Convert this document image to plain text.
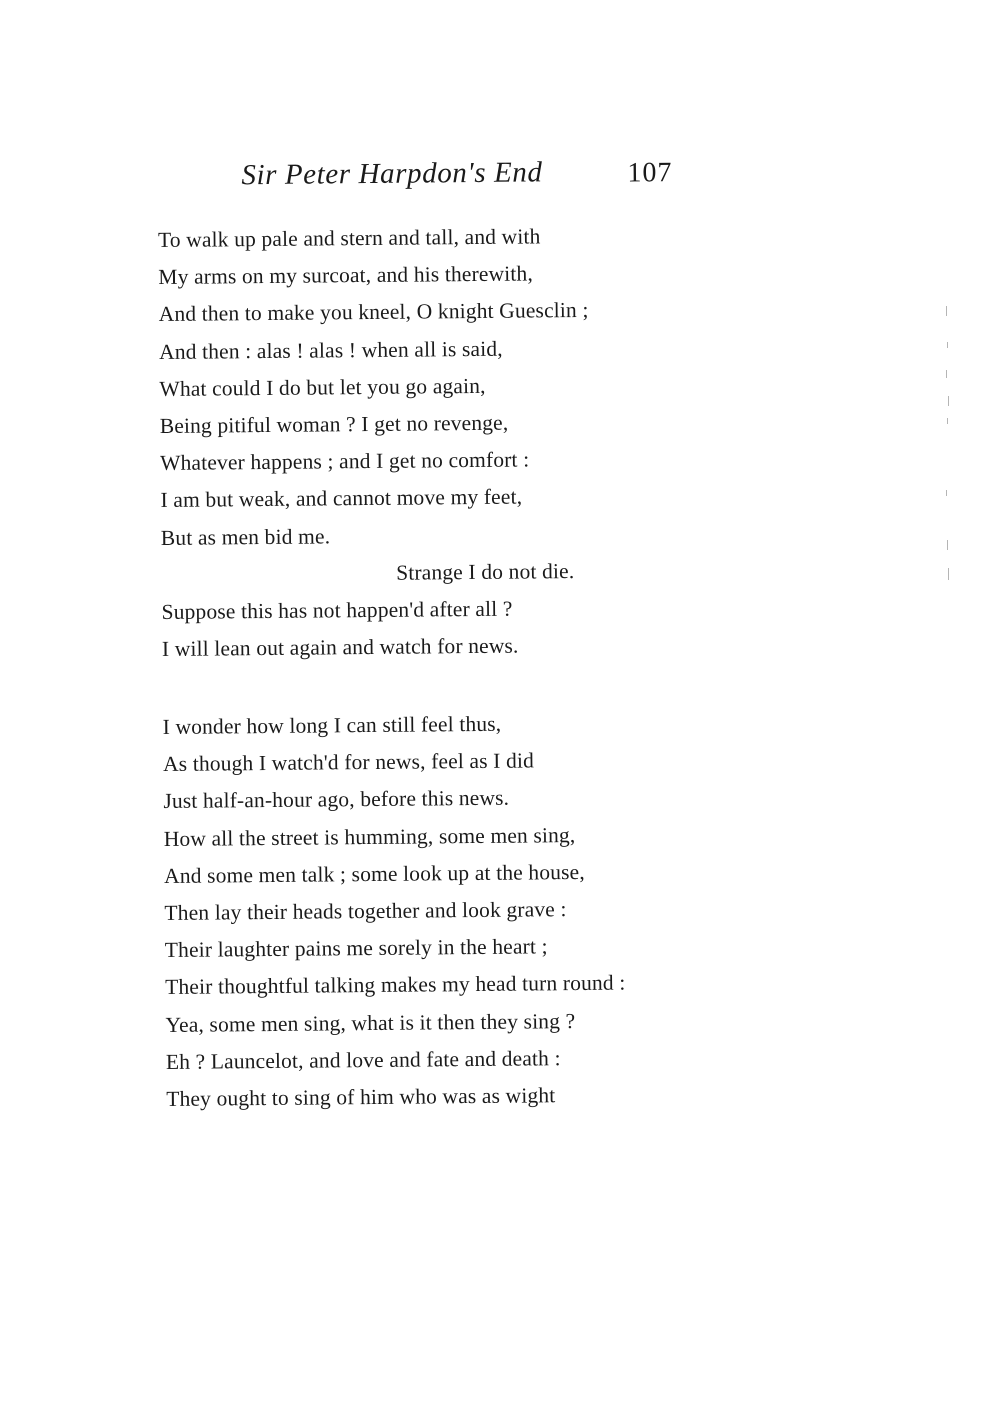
Sir Peter Harpdon's End	107
To walk up pale and stern and tall, and with
My arms on my surcoat, and his therewith,
And then to make you kneel, O knight Guesclin ;
And then : alas ! alas ! when all is said,
What could I do but let you go again,
Being pitiful woman ? I get no revenge,
Whatever happens ; and I get no comfort :
I am but weak, and cannot move my feet,
But as men bid me.
Strange I do not die.
Suppose this has not happen'd after all ?
I will lean out again and watch for news.
I wonder how long I can still feel thus,
As though I watch'd for news, feel as I did
Just half-an-hour ago, before this news.
How all the street is humming, some men sing,
And some men talk ; some look up at the house,
Then lay their heads together and look grave :
Their laughter pains me sorely in the heart ;
Their thoughtful talking makes my head turn round :
Yea, some men sing, what is it then they sing ?
Eh ? Launcelot, and love and fate and death :
They ought to sing of him who was as wight
